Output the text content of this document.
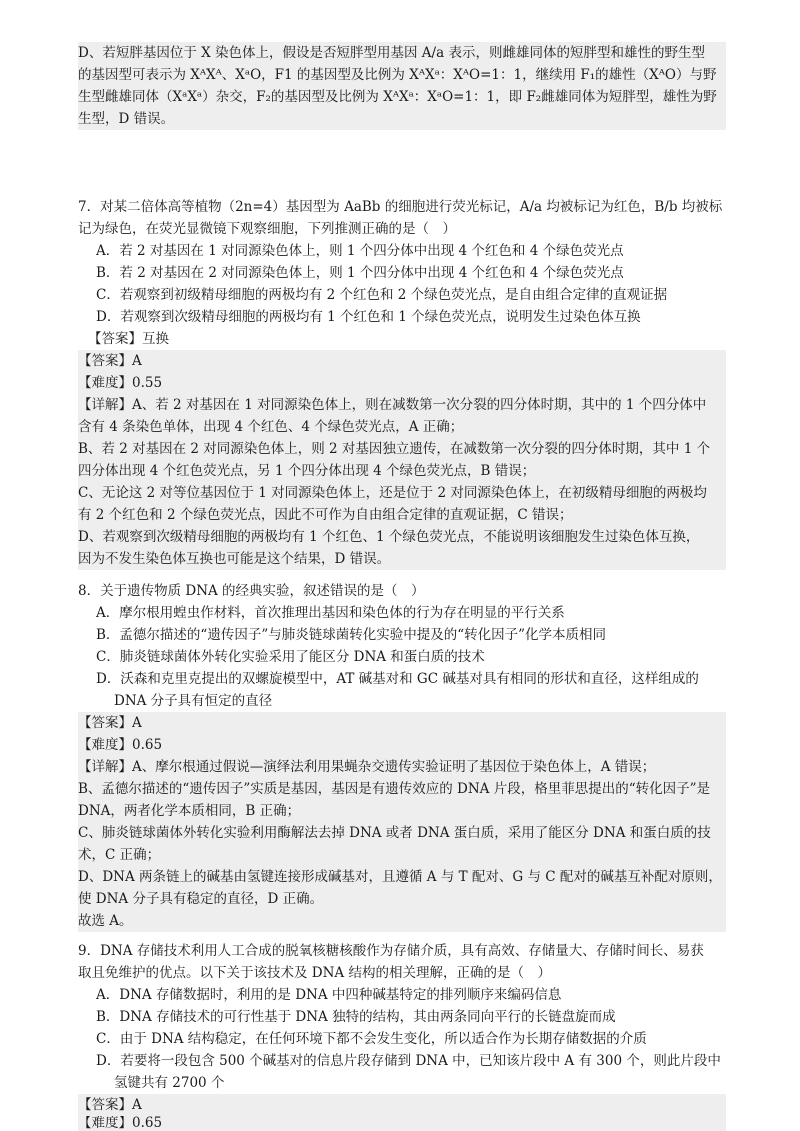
D、若短胖基因位于 X 染色体上，假设是否短胖型用基因 A/a 表示，则雌雄同体的短胖型和雄性的野生型
的基因型可表示为 XᴬXᴬ、XᵃO，F1 的基因型及比例为 XᴬXᵃ：XᴬO=1：1，继续用 F₁的雄性（XᴬO）与野
生型雌雄同体（XᵃXᵃ）杂交，F₂的基因型及比例为 XᴬXᵃ：XᵃO=1：1，即 F₂雌雄同体为短胖型，雄性为野
生型，D 错误。
7．对某二倍体高等植物（2n=4）基因型为 AaBb 的细胞进行荧光标记，A/a 均被标记为红色，B/b 均被标
记为绿色，在荧光显微镜下观察细胞，下列推测正确的是（　）
A．若 2 对基因在 1 对同源染色体上，则 1 个四分体中出现 4 个红色和 4 个绿色荧光点
B．若 2 对基因在 2 对同源染色体上，则 1 个四分体中出现 4 个红色和 4 个绿色荧光点
C．若观察到初级精母细胞的两极均有 2 个红色和 2 个绿色荧光点，是自由组合定律的直观证据
D．若观察到次级精母细胞的两极均有 1 个红色和 1 个绿色荧光点，说明发生过染色体互换
【答案】互换
【答案】A
【难度】0.55
【详解】A、若 2 对基因在 1 对同源染色体上，则在减数第一次分裂的四分体时期，其中的 1 个四分体中
含有 4 条染色单体，出现 4 个红色、4 个绿色荧光点，A 正确；
B、若 2 对基因在 2 对同源染色体上，则 2 对基因独立遗传，在减数第一次分裂的四分体时期，其中 1 个
四分体出现 4 个红色荧光点，另 1 个四分体出现 4 个绿色荧光点，B 错误；
C、无论这 2 对等位基因位于 1 对同源染色体上，还是位于 2 对同源染色体上，在初级精母细胞的两极均
有 2 个红色和 2 个绿色荧光点，因此不可作为自由组合定律的直观证据，C 错误；
D、若观察到次级精母细胞的两极均有 1 个红色、1 个绿色荧光点，不能说明该细胞发生过染色体互换，
因为不发生染色体互换也可能是这个结果，D 错误。
8．关于遗传物质 DNA 的经典实验，叙述错误的是（　）
A．摩尔根用蝗虫作材料，首次推理出基因和染色体的行为存在明显的平行关系
B．孟德尔描述的“遗传因子”与肺炎链球菌转化实验中提及的“转化因子”化学本质相同
C．肺炎链球菌体外转化实验采用了能区分 DNA 和蛋白质的技术
D．沃森和克里克提出的双螺旋模型中，AT 碱基对和 GC 碱基对具有相同的形状和直径，这样组成的
DNA 分子具有恒定的直径
【答案】A
【难度】0.65
【详解】A、摩尔根通过假说—演绎法利用果蝇杂交遗传实验证明了基因位于染色体上，A 错误；
B、孟德尔描述的“遗传因子”实质是基因，基因是有遗传效应的 DNA 片段，格里菲思提出的“转化因子”是
DNA，两者化学本质相同，B 正确；
C、肺炎链球菌体外转化实验利用酶解法去掉 DNA 或者 DNA 蛋白质，采用了能区分 DNA 和蛋白质的技
术，C 正确；
D、DNA 两条链上的碱基由氢键连接形成碱基对，且遵循 A 与 T 配对、G 与 C 配对的碱基互补配对原则，
使 DNA 分子具有稳定的直径，D 正确。
故选 A。
9．DNA 存储技术利用人工合成的脱氧核糖核酸作为存储介质，具有高效、存储量大、存储时间长、易获
取且免维护的优点。以下关于该技术及 DNA 结构的相关理解，正确的是（　）
A．DNA 存储数据时，利用的是 DNA 中四种碱基特定的排列顺序来编码信息
B．DNA 存储技术的可行性基于 DNA 独特的结构，其由两条同向平行的长链盘旋而成
C．由于 DNA 结构稳定，在任何环境下都不会发生变化，所以适合作为长期存储数据的介质
D．若要将一段包含 500 个碱基对的信息片段存储到 DNA 中，已知该片段中 A 有 300 个，则此片段中
氢键共有 2700 个
【答案】A
【难度】0.65
